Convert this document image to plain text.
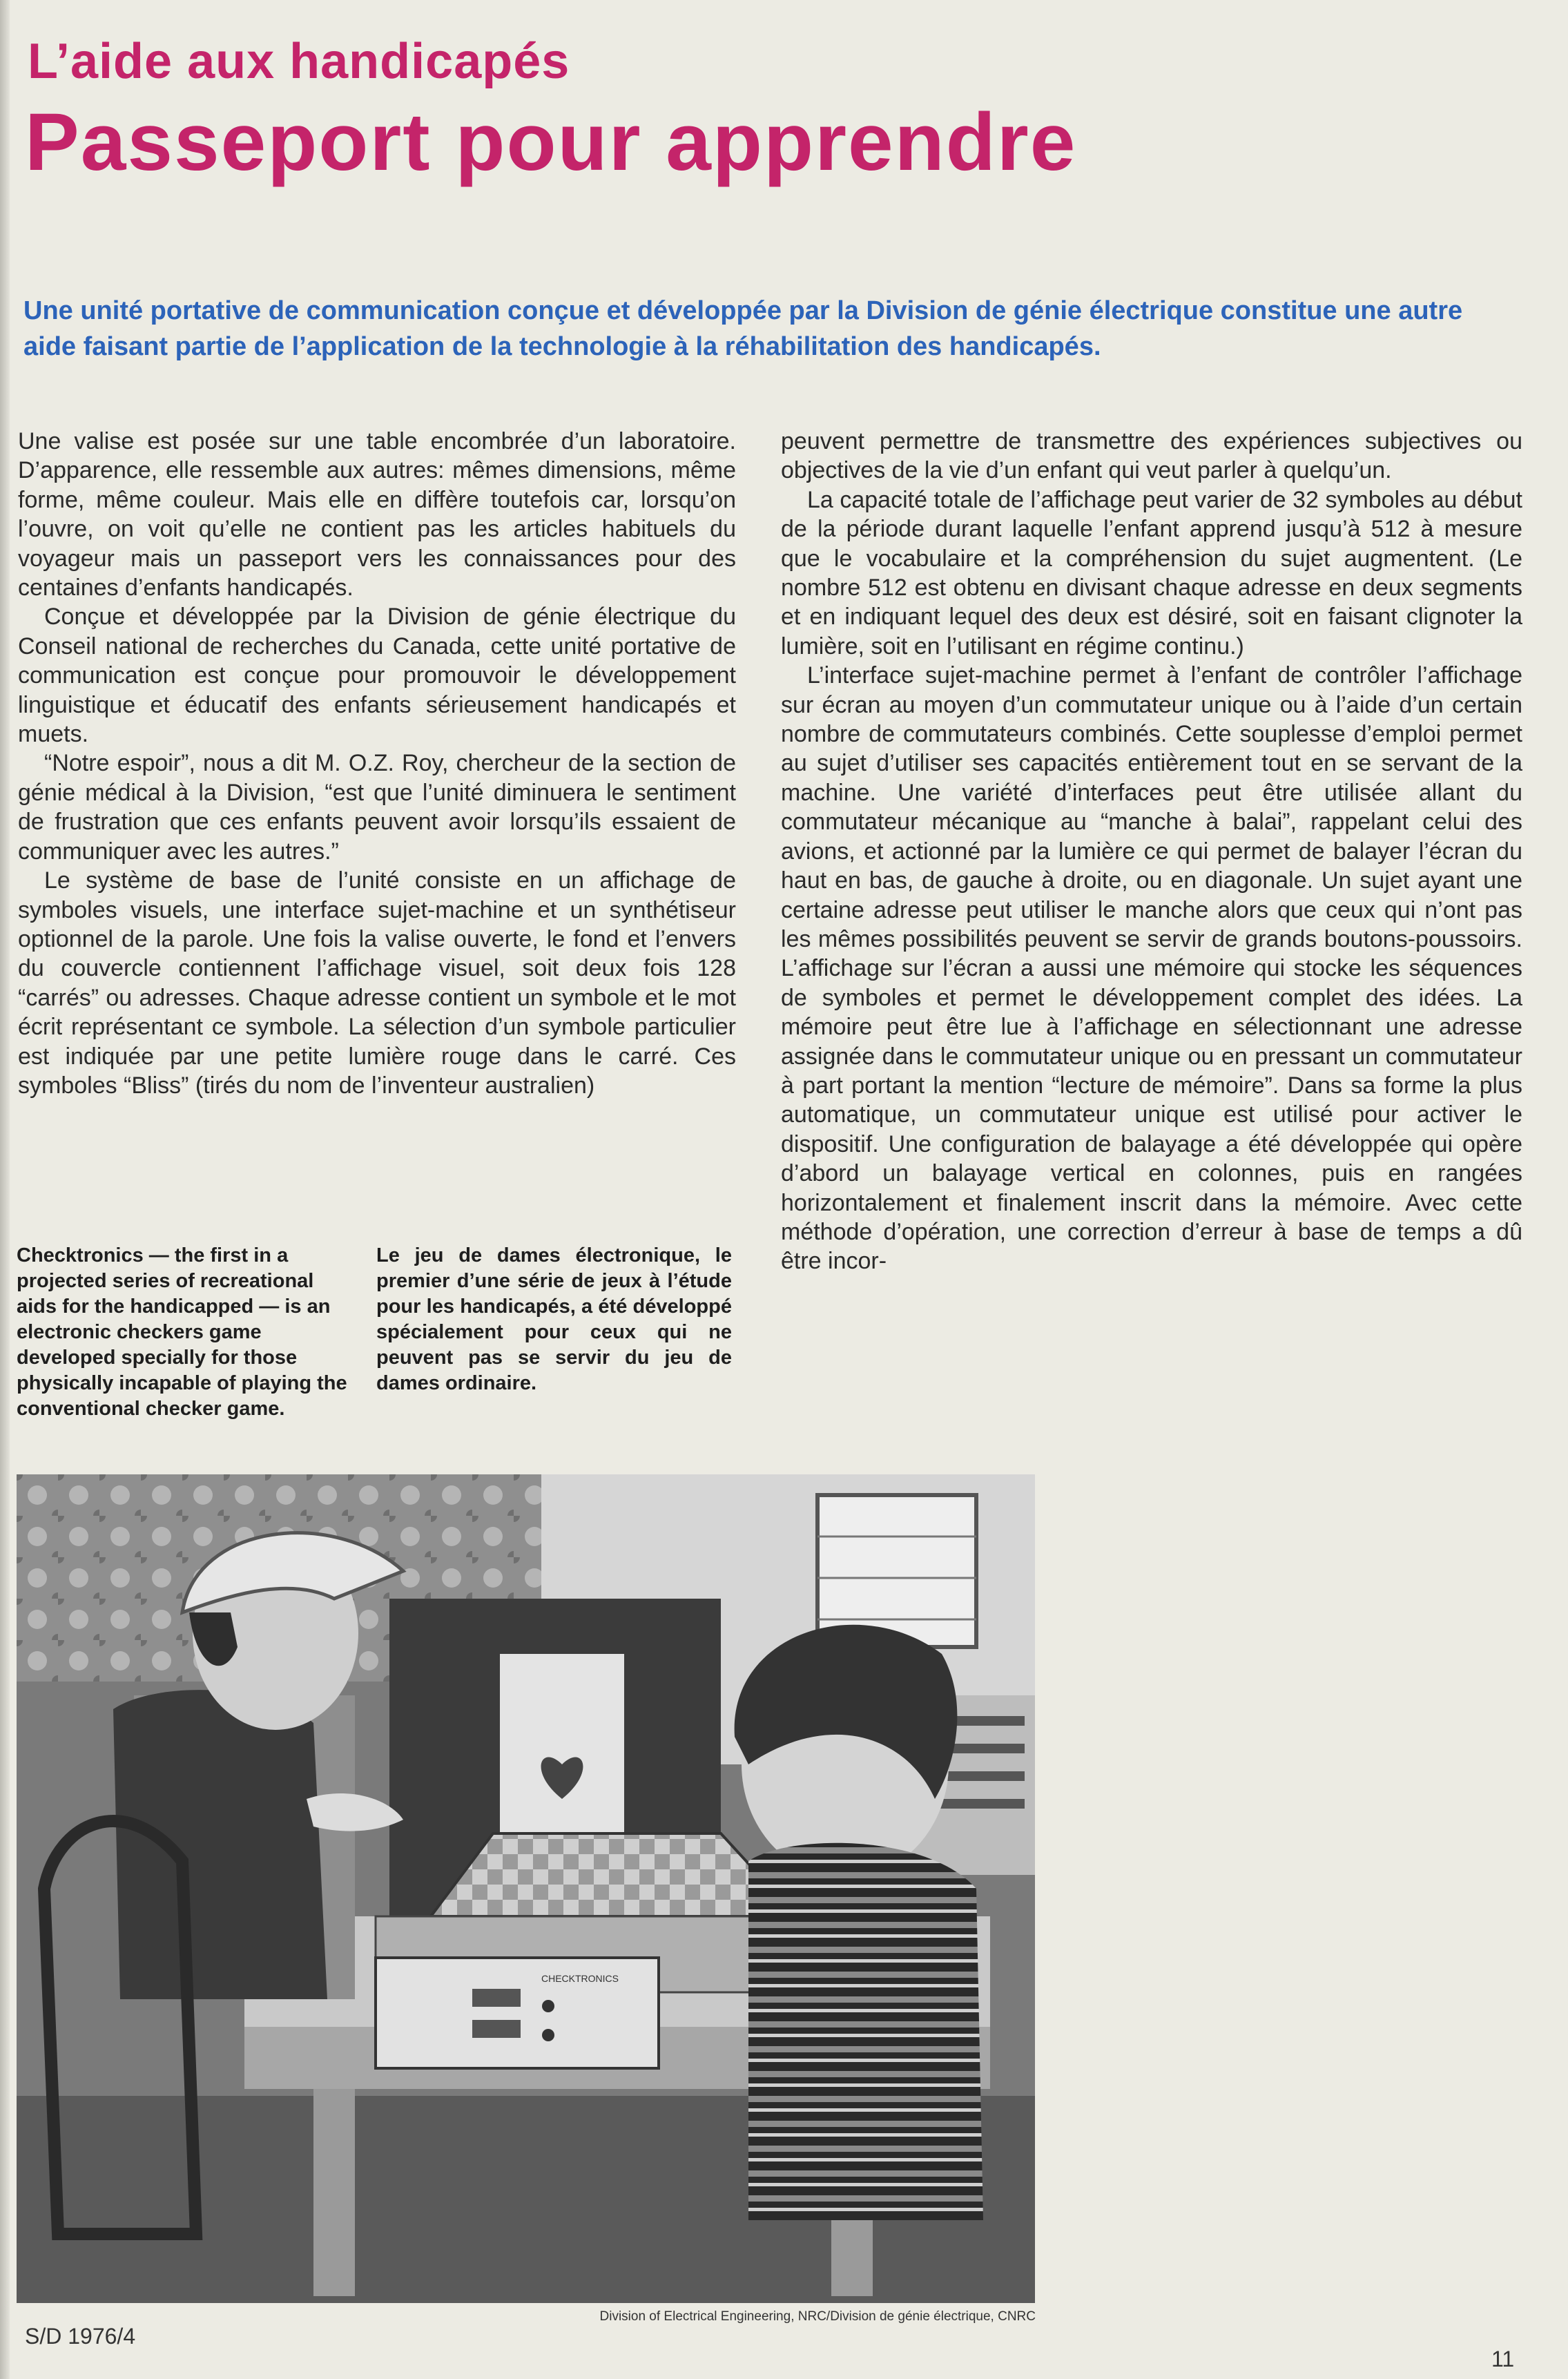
L’aide aux handicapés
Passeport pour apprendre

Une unité portative de communication conçue et développée par la Division de génie électrique constitue une autre aide faisant partie de l’application de la technologie à la réhabilitation des handicapés.

Une valise est posée sur une table encombrée d’un laboratoire. D’apparence, elle ressemble aux autres: mêmes dimensions, même forme, même couleur. Mais elle en diffère toutefois car, lorsqu’on l’ouvre, on voit qu’elle ne contient pas les articles habituels du voyageur mais un passeport vers les connaissances pour des centaines d’enfants handicapés.

Conçue et développée par la Division de génie électrique du Conseil national de recherches du Canada, cette unité portative de communication est conçue pour promouvoir le développement linguistique et éducatif des enfants sérieusement handicapés et muets.

“Notre espoir”, nous a dit M. O.Z. Roy, chercheur de la section de génie médical à la Division, “est que l’unité diminuera le sentiment de frustration que ces enfants peuvent avoir lorsqu’ils essaient de communiquer avec les autres.”

Le système de base de l’unité consiste en un affichage de symboles visuels, une interface sujet-machine et un synthétiseur optionnel de la parole. Une fois la valise ouverte, le fond et l’envers du couvercle contiennent l’affichage visuel, soit deux fois 128 “carrés” ou adresses. Chaque adresse contient un symbole et le mot écrit représentant ce symbole. La sélection d’un symbole particulier est indiquée par une petite lumière rouge dans le carré. Ces symboles “Bliss” (tirés du nom de l’inventeur australien)

peuvent permettre de transmettre des expériences subjectives ou objectives de la vie d’un enfant qui veut parler à quelqu’un.

La capacité totale de l’affichage peut varier de 32 symboles au début de la période durant laquelle l’enfant apprend jusqu’à 512 à mesure que le vocabulaire et la compréhension du sujet augmentent. (Le nombre 512 est obtenu en divisant chaque adresse en deux segments et en indiquant lequel des deux est désiré, soit en faisant clignoter la lumière, soit en l’utilisant en régime continu.)

L’interface sujet-machine permet à l’enfant de contrôler l’affichage sur écran au moyen d’un commutateur unique ou à l’aide d’un certain nombre de commutateurs combinés. Cette souplesse d’emploi permet au sujet d’utiliser ses capacités entièrement tout en se servant de la machine. Une variété d’interfaces peut être utilisée allant du commutateur mécanique au “manche à balai”, rappelant celui des avions, et actionné par la lumière ce qui permet de balayer l’écran du haut en bas, de gauche à droite, ou en diagonale. Un sujet ayant une certaine adresse peut utiliser le manche alors que ceux qui n’ont pas les mêmes possibilités peuvent se servir de grands boutons-poussoirs. L’affichage sur l’écran a aussi une mémoire qui stocke les séquences de symboles et permet le développement complet des idées. La mémoire peut être lue à l’affichage en sélectionnant une adresse assignée dans le commutateur unique ou en pressant un commutateur à part portant la mention “lecture de mémoire”. Dans sa forme la plus automatique, un commutateur unique est utilisé pour activer le dispositif. Une configuration de balayage a été développée qui opère d’abord un balayage vertical en colonnes, puis en rangées horizontalement et finalement inscrit dans la mémoire. Avec cette méthode d’opération, une correction d’erreur à base de temps a dû être incor-

Checktronics — the first in a projected series of recreational aids for the handicapped — is an electronic checkers game developed specially for those physically incapable of playing the conventional checker game.

Le jeu de dames électronique, le premier d’une série de jeux à l’étude pour les handicapés, a été développé spécialement pour ceux qui ne peuvent pas se servir du jeu de dames ordinaire.

CHECKTRONICS

Division of Electrical Engineering, NRC/Division de génie électrique, CNRC

S/D 1976/4

11
